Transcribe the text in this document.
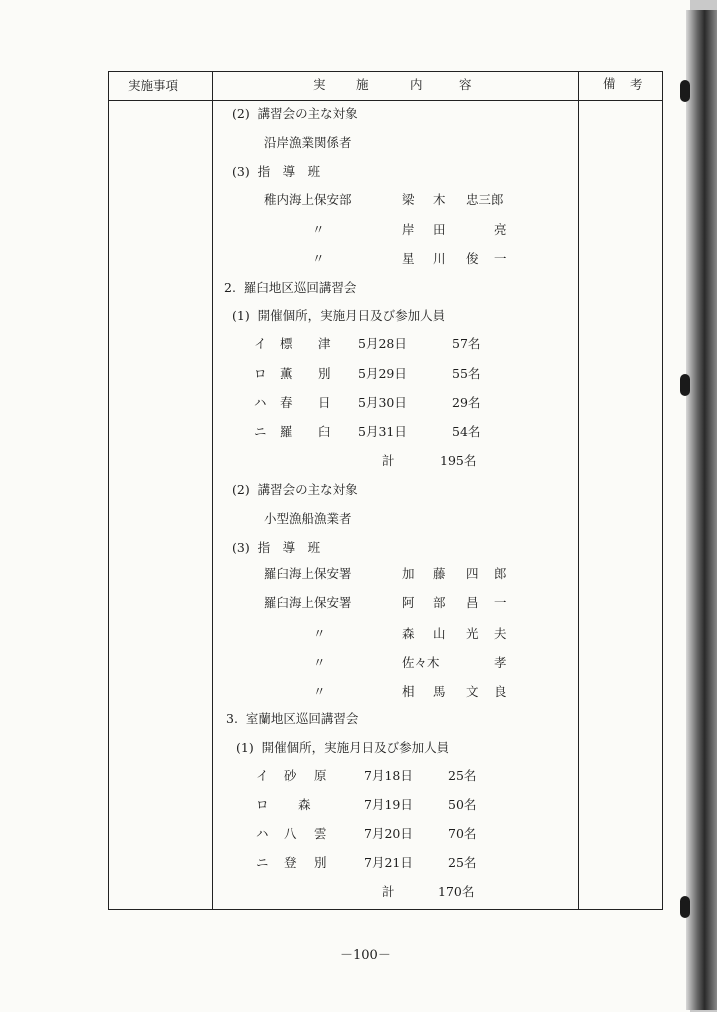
実施事項	実 施	内	容	備 考
(2)  講習会の主な対象
沿岸漁業関係者
(3)  指　導　班
稚内海上保安部	梁 木 忠三郎
〃	岸 田	亮
〃	星 川 俊 一
2.  羅臼地区巡回講習会
(1)  開催個所，実施月日及び参加人員
イ 標 津 5月28日	57名
ロ 薫 別 5月29日	55名
ハ 春 日 5月30日	29名
ニ 羅 臼 5月31日	54名
計	195名
(2)  講習会の主な対象
小型漁船漁業者
(3)  指　導　班
羅臼海上保安署	加 藤 四 郎
羅臼海上保安署	阿 部 昌 一
〃	森 山 光 夫
〃	佐々木	孝
〃	相 馬 文 良
3.  室蘭地区巡回講習会
(1)  開催個所，実施月日及び参加人員
イ 砂 原	7月18日	25名
ロ 森	7月19日	50名
ハ 八 雲	7月20日	70名
ニ 登 別	7月21日	25名
計	170名
－100－
